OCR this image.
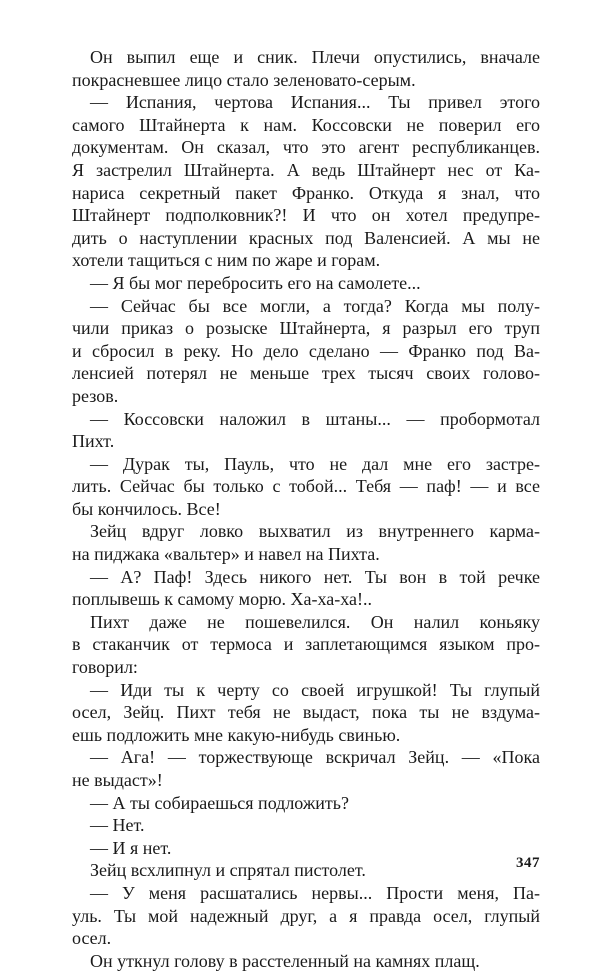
Он выпил еще и сник. Плечи опустились, вначале
покрасневшее лицо стало зеленовато-серым.

— Испания, чертова Испания... Ты привел этого
самого Штайнерта к нам. Коссовски не поверил его
документам. Он сказал, что это агент республиканцев.
Я застрелил Штайнерта. А ведь Штайнерт нес от Ка-
нариса секретный пакет Франко. Откуда я знал, что
Штайнерт подполковник?! И что он хотел предупре-
дить о наступлении красных под Валенсией. А мы не
хотели тащиться с ним по жаре и горам.

— Я бы мог перебросить его на самолете...

— Сейчас бы все могли, а тогда? Когда мы полу-
чили приказ о розыске Штайнерта, я разрыл его труп
и сбросил в реку. Но дело сделано — Франко под Ва-
ленсией потерял не меньше трех тысяч своих голово-
резов.

— Коссовски наложил в штаны... — пробормотал
Пихт.

— Дурак ты, Пауль, что не дал мне его застре-
лить. Сейчас бы только с тобой... Тебя — паф! — и все
бы кончилось. Все!

Зейц вдруг ловко выхватил из внутреннего карма-
на пиджака «вальтер» и навел на Пихта.

— А? Паф! Здесь никого нет. Ты вон в той речке
поплывешь к самому морю. Ха-ха-ха!..

Пихт даже не пошевелился. Он налил коньяку
в стаканчик от термоса и заплетающимся языком про-
говорил:

— Иди ты к черту со своей игрушкой! Ты глупый
осел, Зейц. Пихт тебя не выдаст, пока ты не вздума-
ешь подложить мне какую-нибудь свинью.

— Ага! — торжествующе вскричал Зейц. — «Пока
не выдаст»!

— А ты собираешься подложить?

— Нет.

— И я нет.

Зейц всхлипнул и спрятал пистолет.

— У меня расшатались нервы... Прости меня, Па-
уль. Ты мой надежный друг, а я правда осел, глупый
осел.

Он уткнул голову в расстеленный на камнях плащ.

347
